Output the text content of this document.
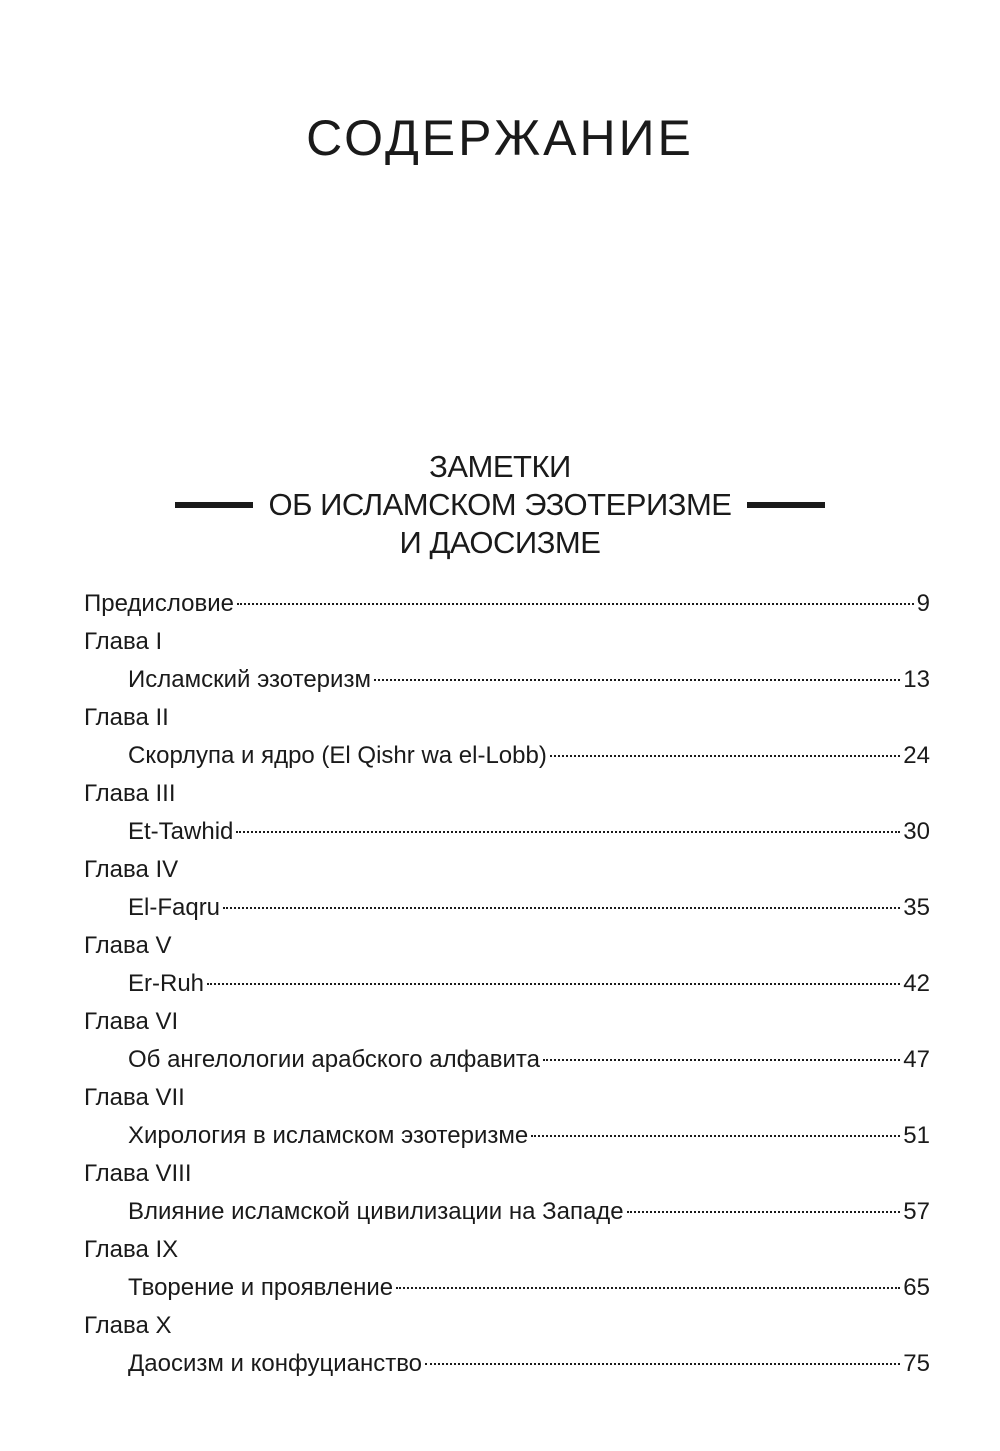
СОДЕРЖАНИЕ
ЗАМЕТКИ
ОБ ИСЛАМСКОМ ЭЗОТЕРИЗМЕ
И ДАОСИЗМЕ
Предисловие	9
Глава I
Исламский эзотеризм	13
Глава II
Скорлупа и ядро (El Qishr wa el-Lobb)	24
Глава III
Et-Tawhid	30
Глава IV
El-Faqru	35
Глава V
Er-Ruh	42
Глава VI
Об ангелологии арабского алфавита	47
Глава VII
Хирология в исламском эзотеризме	51
Глава VIII
Влияние исламской цивилизации на Западе	57
Глава IX
Творение и проявление	65
Глава X
Даосизм и конфуцианство	75
